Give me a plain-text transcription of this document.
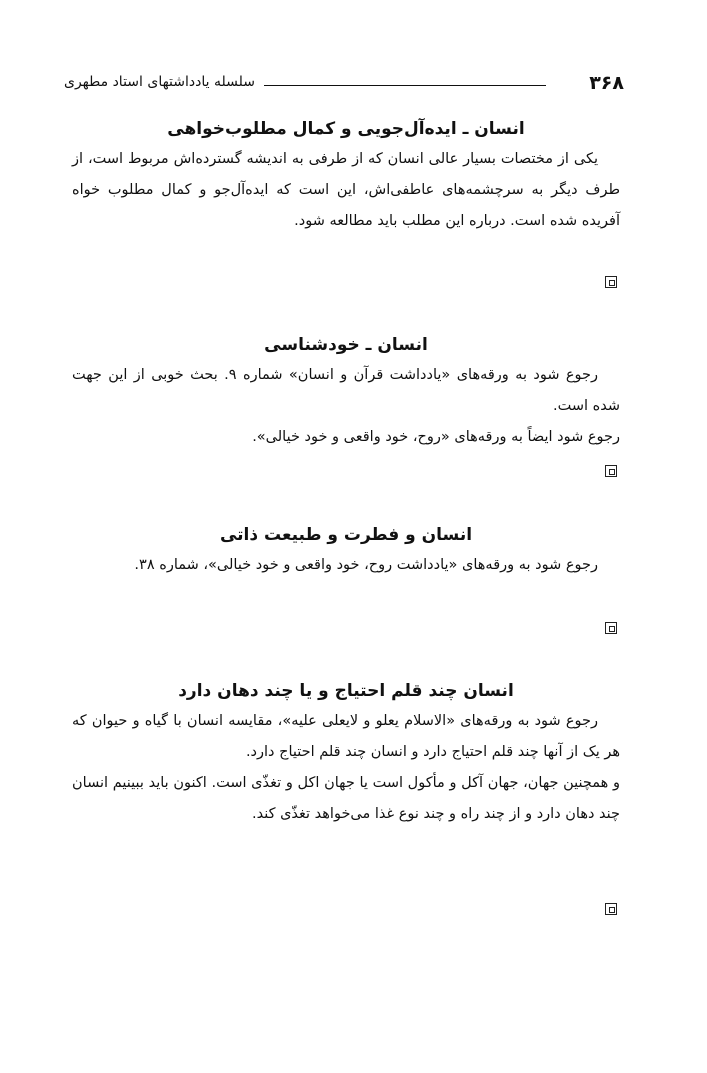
۳۶۸
سلسله یادداشتهای استاد مطهری
انسان ـ ایده‌آل‌جویی و کمال مطلوب‌خواهی

یکی از مختصات بسیار عالی انسان که از طرفی به اندیشه گسترده‌اش مربوط است، از طرف دیگر به سرچشمه‌های عاطفی‌اش، این است که ایده‌آل‌جو و کمال مطلوب خواه آفریده شده است. درباره این مطلب باید مطالعه شود.

انسان ـ خودشناسی

رجوع شود به ورقه‌های «یادداشت قرآن و انسان» شماره ۹. بحث خوبی از این جهت شده است.

رجوع شود ایضاً به ورقه‌های «روح، خود واقعی و خود خیالی».

انسان و فطرت و طبیعت ذاتی

رجوع شود به ورقه‌های «یادداشت روح، خود واقعی و خود خیالی»، شماره ۳۸.

انسان چند قلم احتیاج و یا چند دهان دارد

رجوع شود به ورقه‌های «الاسلام یعلو و لایعلی علیه»، مقایسه انسان با گیاه و حیوان که هر یک از آنها چند قلم احتیاج دارد و انسان چند قلم احتیاج دارد.

و همچنین جهان، جهان آکل و مأکول است یا جهان اکل و تغذّی است. اکنون باید ببینیم انسان چند دهان دارد و از چند راه و چند نوع غذا می‌خواهد تغذّی کند.
